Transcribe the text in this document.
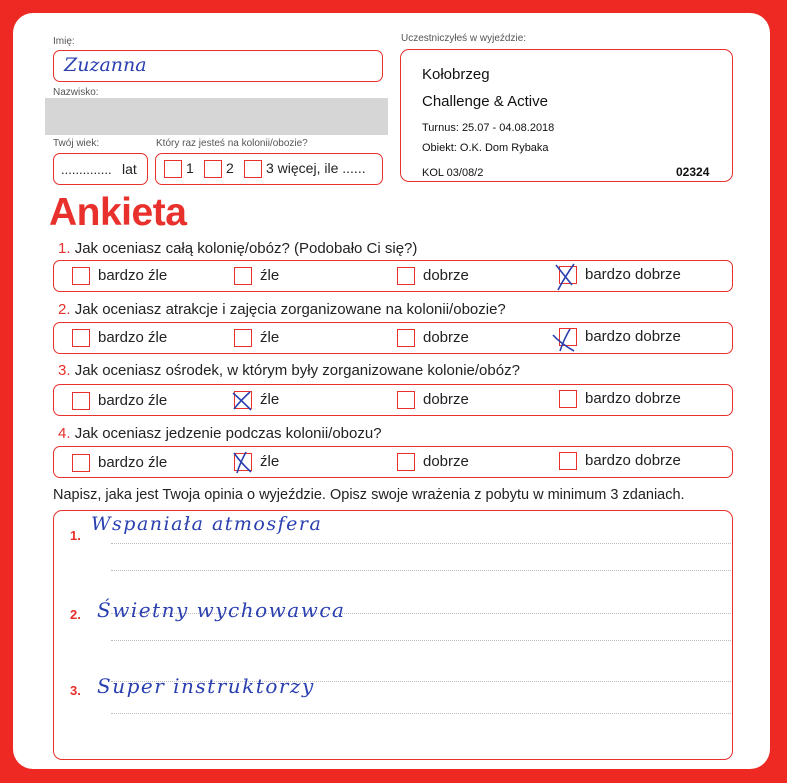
Imię:
Zuzanna
Nazwisko:
Twój wiek:
.............. lat
Który raz jesteś na kolonii/obozie?
1 2 3 więcej, ile ......
Uczestniczyłeś w wyjeździe:
Kołobrzeg
Challenge & Active
Turnus: 25.07 - 04.08.2018
Obiekt: O.K. Dom Rybaka
KOL 03/08/2	02324
Ankieta
1. Jak oceniasz całą kolonię/obóz? (Podobało Ci się?)
bardzo źle	źle	dobrze	bardzo dobrze
2. Jak oceniasz atrakcje i zajęcia zorganizowane na kolonii/obozie?
bardzo źle	źle	dobrze	bardzo dobrze
3. Jak oceniasz ośrodek, w którym były zorganizowane kolonie/obóz?
bardzo źle	źle	dobrze	bardzo dobrze
4. Jak oceniasz jedzenie podczas kolonii/obozu?
bardzo źle	źle	dobrze	bardzo dobrze
Napisz, jaka jest Twoja opinia o wyjeździe. Opisz swoje wrażenia z pobytu w minimum 3 zdaniach.
1.
Wspaniała atmosfera
2. Świetny wychowawca
3. Super instruktorzy
